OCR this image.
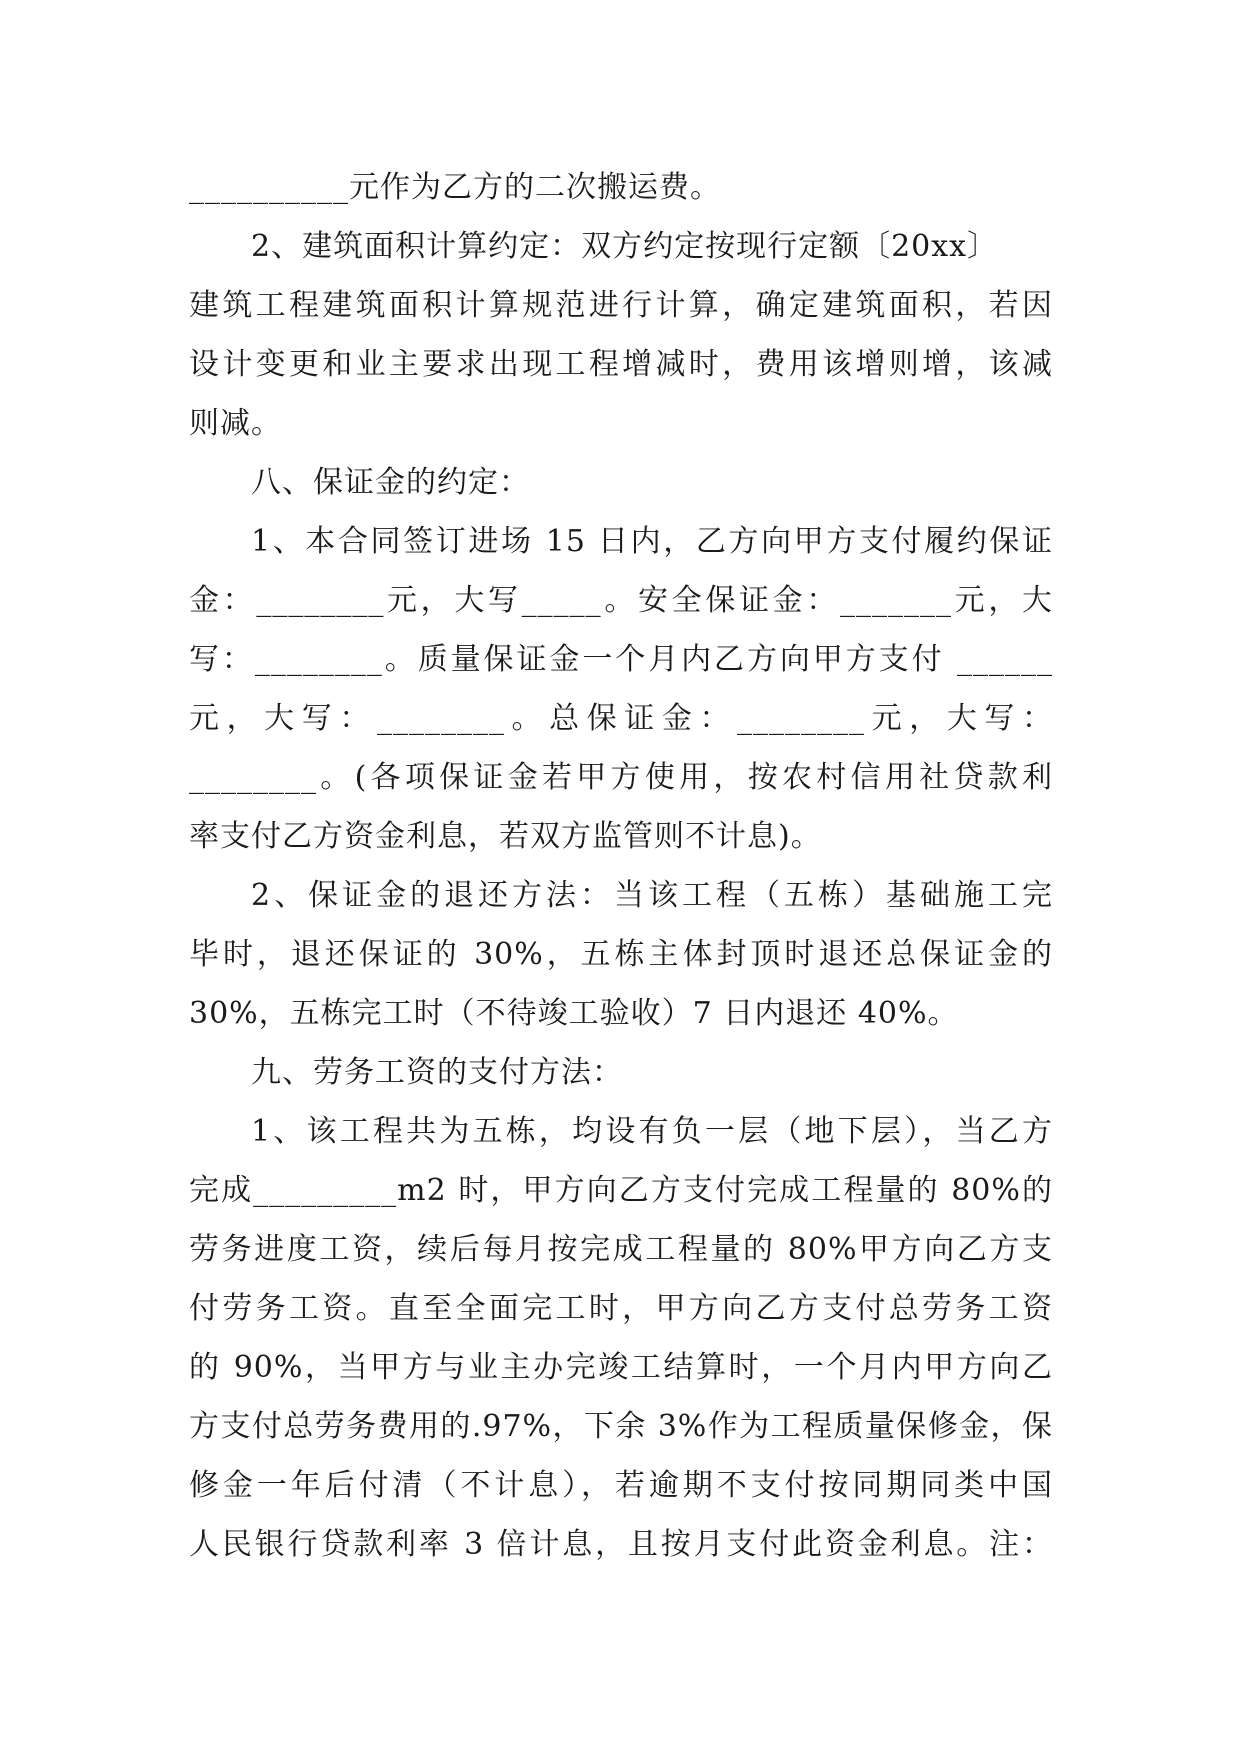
__________元作为乙方的二次搬运费。
2、建筑面积计算约定：双方约定按现行定额〔20xx〕
建筑工程建筑面积计算规范进行计算，确定建筑面积，若因
设计变更和业主要求出现工程增减时，费用该增则增，该减
则减。
八、保证金的约定：
1、本合同签订进场 15 日内，乙方向甲方支付履约保证
金：________元，大写_____。安全保证金：_______元，大
写：________。质量保证金一个月内乙方向甲方支付 ______
元，大写：________。总保证金：________元，大写：
________。(各项保证金若甲方使用，按农村信用社贷款利
率支付乙方资金利息，若双方监管则不计息)。
2、保证金的退还方法：当该工程（五栋）基础施工完
毕时，退还保证的 30%，五栋主体封顶时退还总保证金的
30%，五栋完工时（不待竣工验收）7 日内退还 40%。
九、劳务工资的支付方法：
1、该工程共为五栋，均设有负一层（地下层），当乙方
完成_________m2 时，甲方向乙方支付完成工程量的 80%的
劳务进度工资，续后每月按完成工程量的 80%甲方向乙方支
付劳务工资。直至全面完工时，甲方向乙方支付总劳务工资
的 90%，当甲方与业主办完竣工结算时，一个月内甲方向乙
方支付总劳务费用的.97%，下余 3%作为工程质量保修金，保
修金一年后付清（不计息），若逾期不支付按同期同类中国
人民银行贷款利率 3 倍计息，且按月支付此资金利息。注：
